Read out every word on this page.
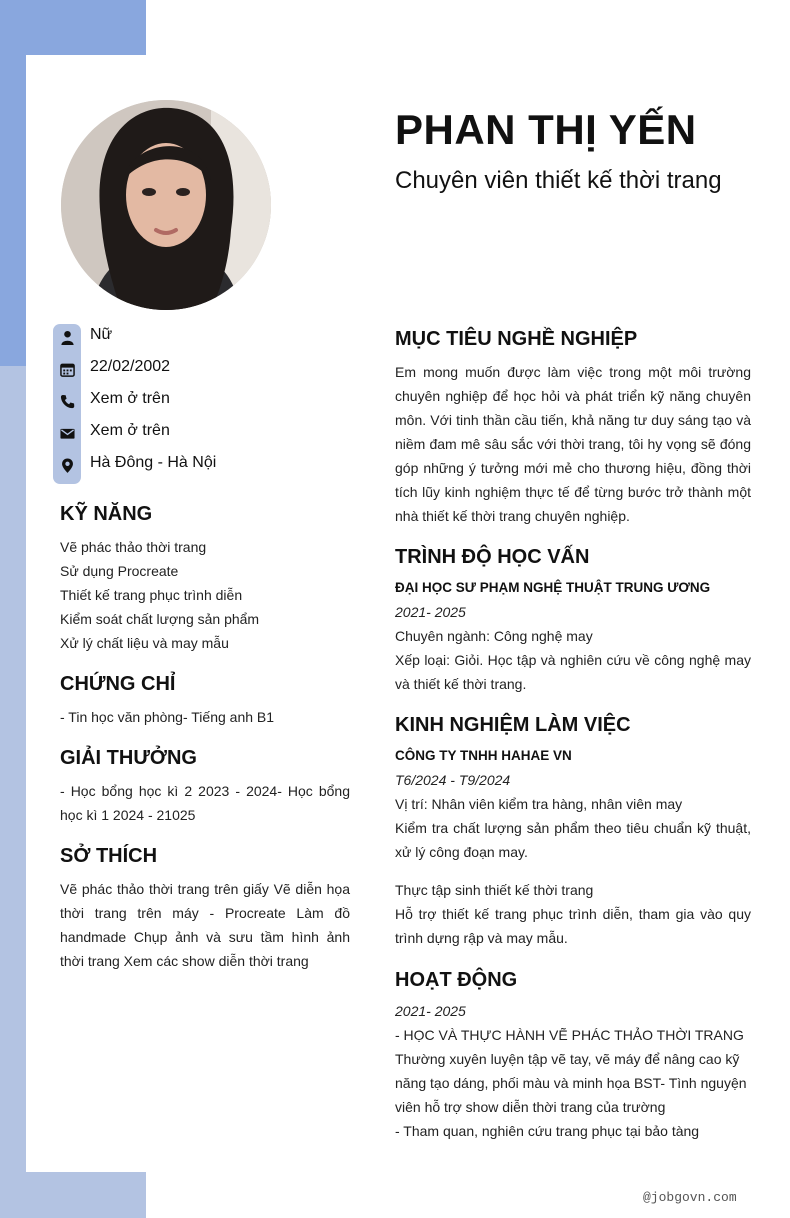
PHAN THỊ YẾN
Chuyên viên thiết kế thời trang
Nữ
22/02/2002
Xem ở trên
Xem ở trên
Hà Đông - Hà Nội
KỸ NĂNG
Vẽ phác thảo thời trang
Sử dụng Procreate
Thiết kế trang phục trình diễn
Kiểm soát chất lượng sản phẩm
Xử lý chất liệu và may mẫu
CHỨNG CHỈ
- Tin học văn phòng- Tiếng anh B1
GIẢI THƯỞNG
- Học bổng học kì 2 2023 - 2024- Học bổng học kì 1 2024 - 21025
SỞ THÍCH
Vẽ phác thảo thời trang trên giấy Vẽ diễn họa thời trang trên máy - Procreate Làm đồ handmade Chụp ảnh và sưu tầm hình ảnh thời trang Xem các show diễn thời trang
MỤC TIÊU NGHỀ NGHIỆP
Em mong muốn được làm việc trong một môi trường chuyên nghiệp để học hỏi và phát triển kỹ năng chuyên môn. Với tinh thần cầu tiến, khả năng tư duy sáng tạo và niềm đam mê sâu sắc với thời trang, tôi hy vọng sẽ đóng góp những ý tưởng mới mẻ cho thương hiệu, đồng thời tích lũy kinh nghiệm thực tế để từng bước trở thành một nhà thiết kế thời trang chuyên nghiệp.
TRÌNH ĐỘ HỌC VẤN
ĐẠI HỌC SƯ PHẠM NGHỆ THUẬT TRUNG ƯƠNG
2021- 2025
Chuyên ngành: Công nghệ may
Xếp loại: Giỏi. Học tập và nghiên cứu về công nghệ may và thiết kế thời trang.
KINH NGHIỆM LÀM VIỆC
CÔNG TY TNHH HAHAE VN
T6/2024 - T9/2024
Vị trí: Nhân viên kiểm tra hàng, nhân viên may
Kiểm tra chất lượng sản phẩm theo tiêu chuẩn kỹ thuật, xử lý công đoạn may.
Thực tập sinh thiết kế thời trang
Hỗ trợ thiết kế trang phục trình diễn, tham gia vào quy trình dựng rập và may mẫu.
HOẠT ĐỘNG
2021- 2025
- HỌC VÀ THỰC HÀNH VẼ PHÁC THẢO THỜI TRANG
Thường xuyên luyện tập vẽ tay, vẽ máy để nâng cao kỹ năng tạo dáng, phối màu và minh họa BST- Tình nguyện viên hỗ trợ show diễn thời trang của trường
- Tham quan, nghiên cứu trang phục tại bảo tàng
@jobgovn.com
